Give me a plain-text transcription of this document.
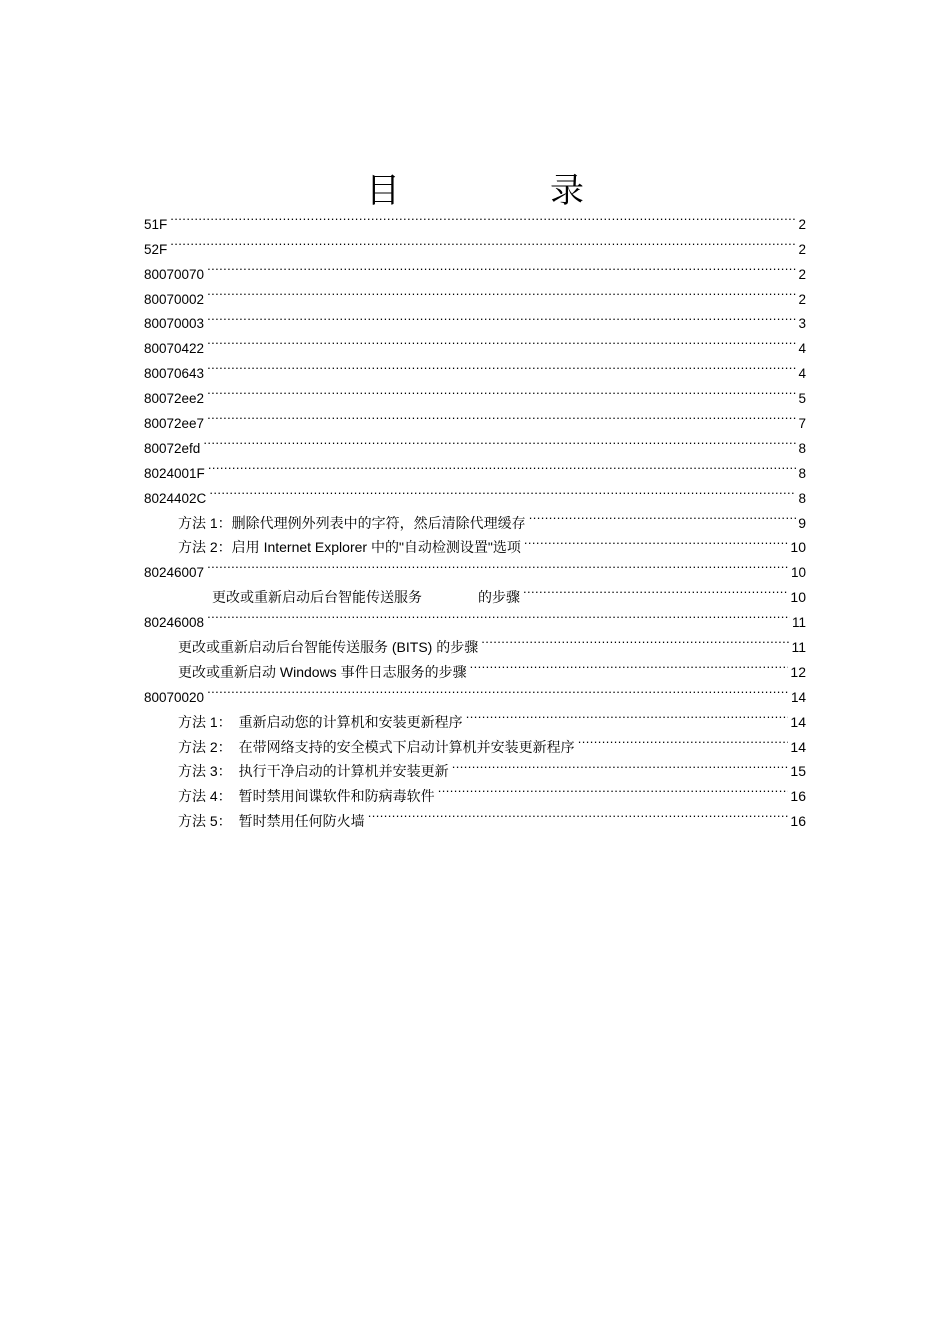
目	录
51F .....	2
52F .....	2
80070070 .....	2
80070002 .....	2
80070003 .....	3
80070422 .....	4
80070643 .....	4
80072ee2 .....	5
80072ee7 .....	7
80072efd .....	8
8024001F .....	8
8024402C .....	8
方法 1：删除代理例外列表中的字符，然后清除代理缓存 .....	9
方法 2：启用 Internet Explorer 中的"自动检测设置"选项 .....	10
80246007 .....	10
更改或重新启动后台智能传送服务　　　　的步骤 .....	10
80246008 .....	11
更改或重新启动后台智能传送服务 (BITS) 的步骤 .....	11
更改或重新启动 Windows 事件日志服务的步骤 .....	12
80070020 .....	14
方法 1：　重新启动您的计算机和安装更新程序 .....	14
方法 2：　在带网络支持的安全模式下启动计算机并安装更新程序 .....	14
方法 3：　执行干净启动的计算机并安装更新 .....	15
方法 4：　暂时禁用间谍软件和防病毒软件 .....	16
方法 5：　暂时禁用任何防火墙 .....	16
